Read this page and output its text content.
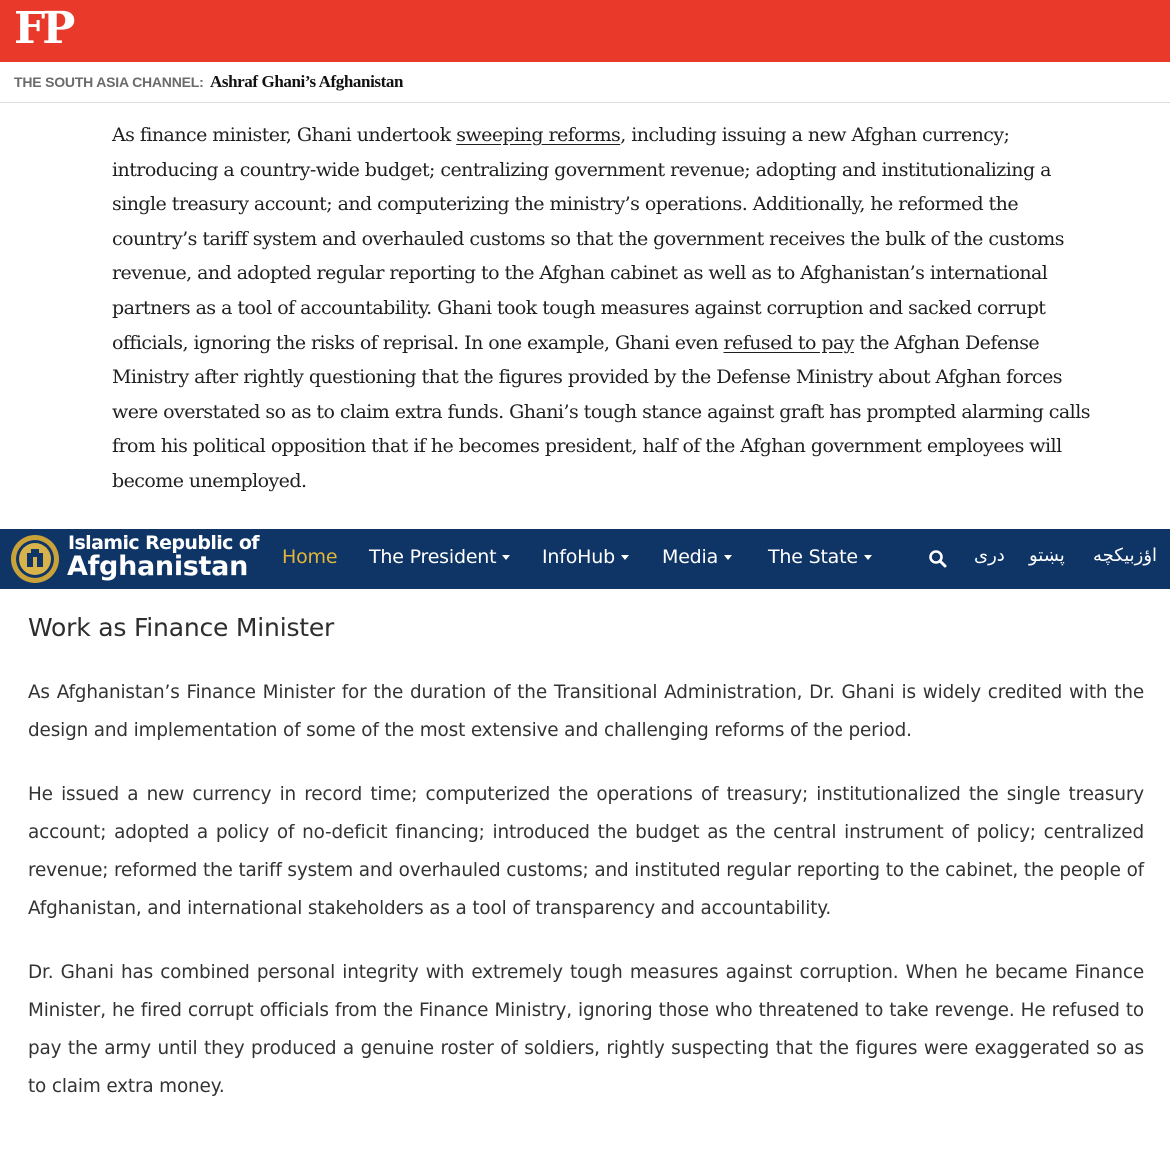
FP
THE SOUTH ASIA CHANNEL: Ashraf Ghani’s Afghanistan
As finance minister, Ghani undertook sweeping reforms, including issuing a new Afghan currency; introducing a country-wide budget; centralizing government revenue; adopting and institutionalizing a single treasury account; and computerizing the ministry’s operations. Additionally, he reformed the country’s tariff system and overhauled customs so that the government receives the bulk of the customs revenue, and adopted regular reporting to the Afghan cabinet as well as to Afghanistan’s international partners as a tool of accountability. Ghani took tough measures against corruption and sacked corrupt officials, ignoring the risks of reprisal. In one example, Ghani even refused to pay the Afghan Defense Ministry after rightly questioning that the figures provided by the Defense Ministry about Afghan forces were overstated so as to claim extra funds. Ghani’s tough stance against graft has prompted alarming calls from his political opposition that if he becomes president, half of the Afghan government employees will become unemployed.
Islamic Republic of
Afghanistan Home The President	InfoHub	Media	The State	دری پښتو اؤزبیکچه
Work as Finance Minister

As Afghanistan’s Finance Minister for the duration of the Transitional Administration, Dr. Ghani is widely credited with the design and implementation of some of the most extensive and challenging reforms of the period.

He issued a new currency in record time; computerized the operations of treasury; institutionalized the single treasury account; adopted a policy of no-deficit financing; introduced the budget as the central instrument of policy; centralized revenue; reformed the tariff system and overhauled customs; and instituted regular reporting to the cabinet, the people of Afghanistan, and international stakeholders as a tool of transparency and accountability.

Dr. Ghani has combined personal integrity with extremely tough measures against corruption. When he became Finance Minister, he fired corrupt officials from the Finance Ministry, ignoring those who threatened to take revenge. He refused to pay the army until they produced a genuine roster of soldiers, rightly suspecting that the figures were exaggerated so as to claim extra money.
